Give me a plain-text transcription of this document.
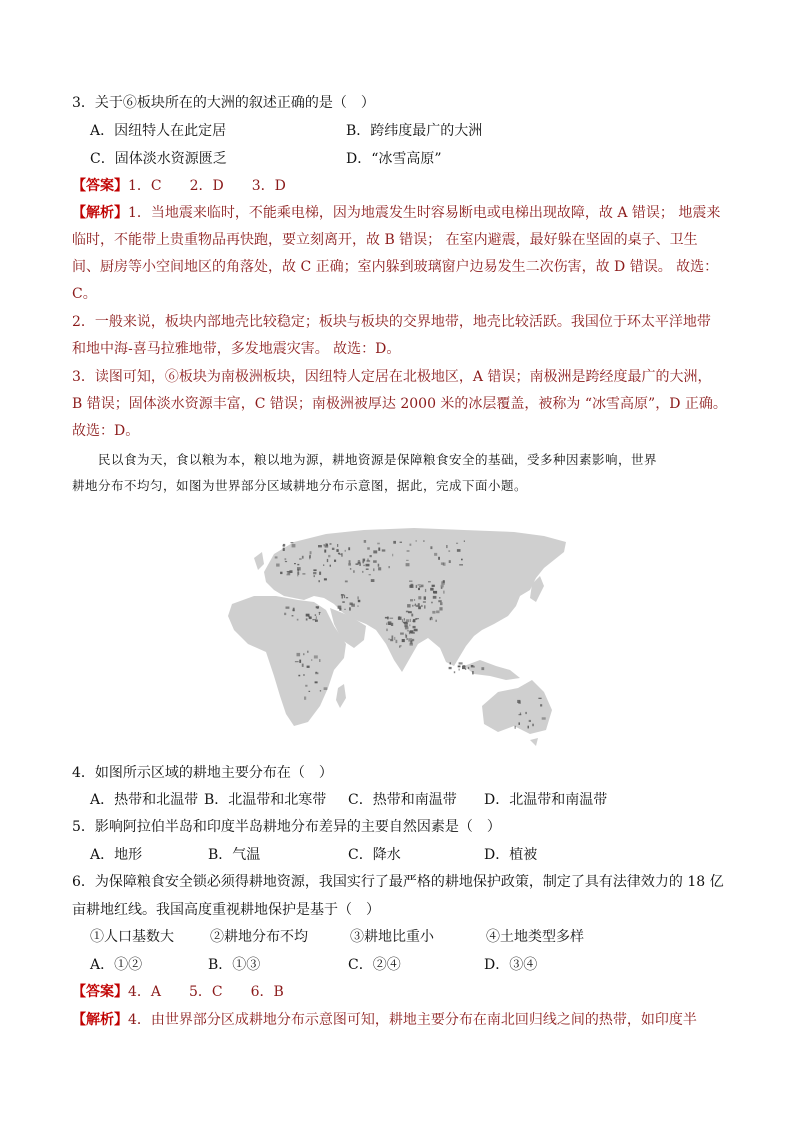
3．关于⑥板块所在的大洲的叙述正确的是（　）
A．因纽特人在此定居	B．跨纬度最广的大洲
C．固体淡水资源匮乏	D．“冰雪高原”
【答案】1．C　　2．D　　3．D
【解析】1．当地震来临时，不能乘电梯，因为地震发生时容易断电或电梯出现故障，故 A 错误； 地震来
临时，不能带上贵重物品再快跑，要立刻离开，故 B 错误； 在室内避震，最好躲在坚固的桌子、卫生
间、厨房等小空间地区的角落处，故 C 正确；室内躲到玻璃窗户边易发生二次伤害，故 D 错误。 故选：
C。
2．一般来说，板块内部地壳比较稳定；板块与板块的交界地带，地壳比较活跃。我国位于环太平洋地带
和地中海-喜马拉雅地带，多发地震灾害。 故选：D。
3．读图可知，⑥板块为南极洲板块，因纽特人定居在北极地区，A 错误；南极洲是跨经度最广的大洲，
B 错误；固体淡水资源丰富，C 错误；南极洲被厚达 2000 米的冰层覆盖，被称为 “冰雪高原”，D 正确。
故选：D。
　　民以食为天，食以粮为本，粮以地为源，耕地资源是保障粮食安全的基础，受多种因素影响，世界
耕地分布不均匀，如图为世界部分区域耕地分布示意图，据此，完成下面小题。
4．如图所示区域的耕地主要分布在（　）
A．热带和北温带 B．北温带和北寒带 C．热带和南温带 D．北温带和南温带
5．影响阿拉伯半岛和印度半岛耕地分布差异的主要自然因素是（　）
A．地形	B．气温	C．降水	D．植被
6．为保障粮食安全锁必须得耕地资源，我国实行了最严格的耕地保护政策，制定了具有法律效力的 18 亿
亩耕地红线。我国高度重视耕地保护是基于（　）
①人口基数大	②耕地分布不均	③耕地比重小	④土地类型多样
A．①②	B．①③	C．②④	D．③④
【答案】4．A　　5．C　　6．B
【解析】4．由世界部分区成耕地分布示意图可知，耕地主要分布在南北回归线之间的热带，如印度半
